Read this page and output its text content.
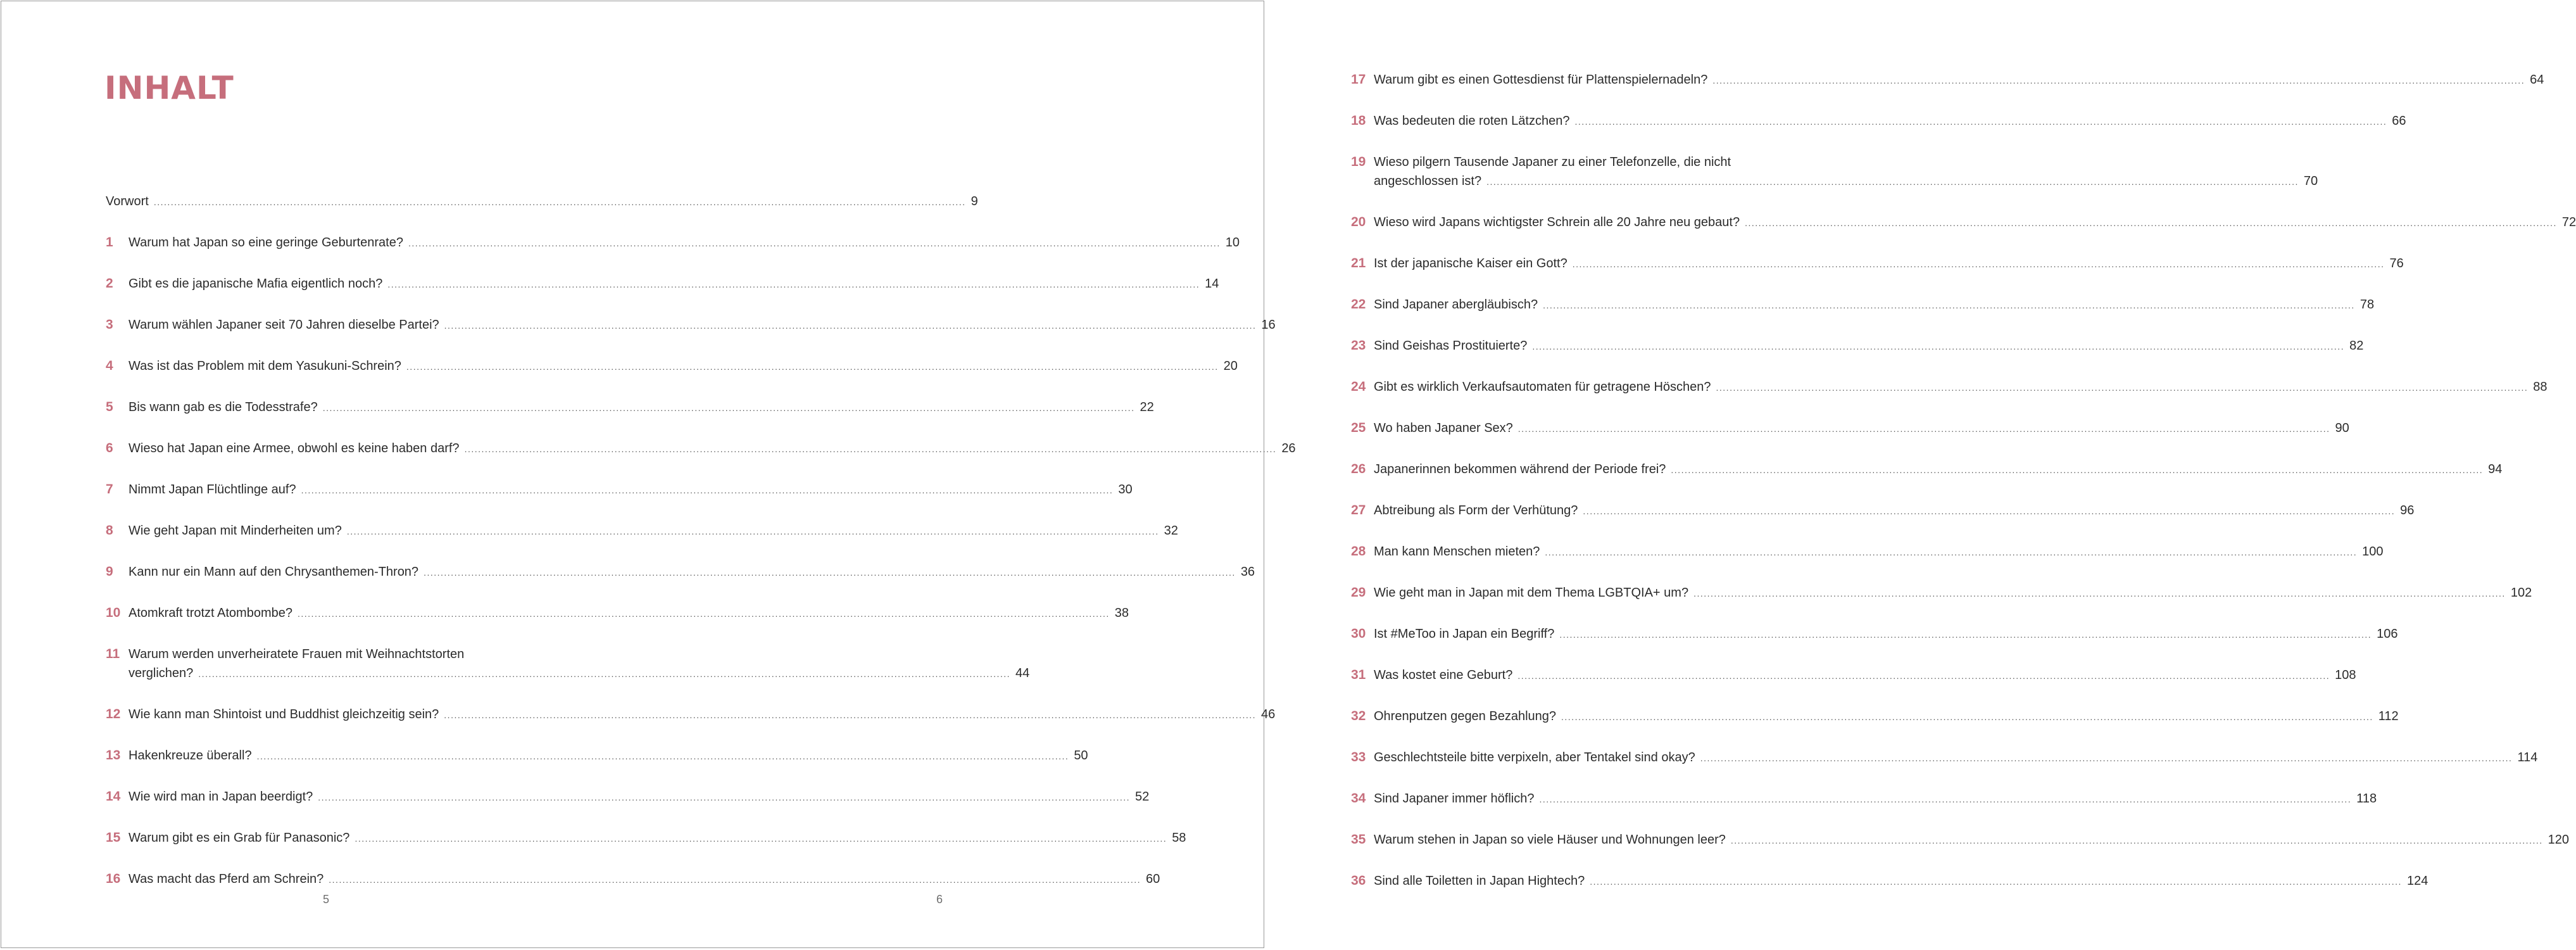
INHALT
Vorwort .....	9
1	Warum hat Japan so eine geringe Geburtenrate? .....	10
2	Gibt es die japanische Mafia eigentlich noch? .....	14
3	Warum wählen Japaner seit 70 Jahren dieselbe Partei? .....	16
4	Was ist das Problem mit dem Yasukuni-Schrein? .....	20
5	Bis wann gab es die Todesstrafe? .....	22
6	Wieso hat Japan eine Armee, obwohl es keine haben darf? .....	26
7	Nimmt Japan Flüchtlinge auf? .....	30
8	Wie geht Japan mit Minderheiten um? .....	32
9	Kann nur ein Mann auf den Chrysanthemen-Thron? .....	36
10 Atomkraft trotzt Atombombe? .....	38
11 Warum werden unverheiratete Frauen mit Weihnachtstorten
verglichen? .....	44
12 Wie kann man Shintoist und Buddhist gleichzeitig sein? .....	46
13 Hakenkreuze überall? .....	50
14 Wie wird man in Japan beerdigt? .....	52
15 Warum gibt es ein Grab für Panasonic? .....	58
16 Was macht das Pferd am Schrein? .....	60
5
17 Warum gibt es einen Gottesdienst für Plattenspielernadeln? .....	64
18 Was bedeuten die roten Lätzchen? .....	66
19 Wieso pilgern Tausende Japaner zu einer Telefonzelle, die nicht
angeschlossen ist? .....	70
20 Wieso wird Japans wichtigster Schrein alle 20 Jahre neu gebaut? .....	72
21 Ist der japanische Kaiser ein Gott? .....	76
22 Sind Japaner abergläubisch? .....	78
23 Sind Geishas Prostituierte? .....	82
24 Gibt es wirklich Verkaufsautomaten für getragene Höschen? .....	88
25 Wo haben Japaner Sex? .....	90
26 Japanerinnen bekommen während der Periode frei? .....	94
27 Abtreibung als Form der Verhütung? .....	96
28 Man kann Menschen mieten? .....	100
29 Wie geht man in Japan mit dem Thema LGBTQIA+ um? .....	102
30 Ist #MeToo in Japan ein Begriff? .....	106
31 Was kostet eine Geburt? .....	108
32 Ohrenputzen gegen Bezahlung? .....	112
33 Geschlechtsteile bitte verpixeln, aber Tentakel sind okay? .....	114
34 Sind Japaner immer höflich? .....	118
35 Warum stehen in Japan so viele Häuser und Wohnungen leer? .....	120
36 Sind alle Toiletten in Japan Hightech? .....	124
6
